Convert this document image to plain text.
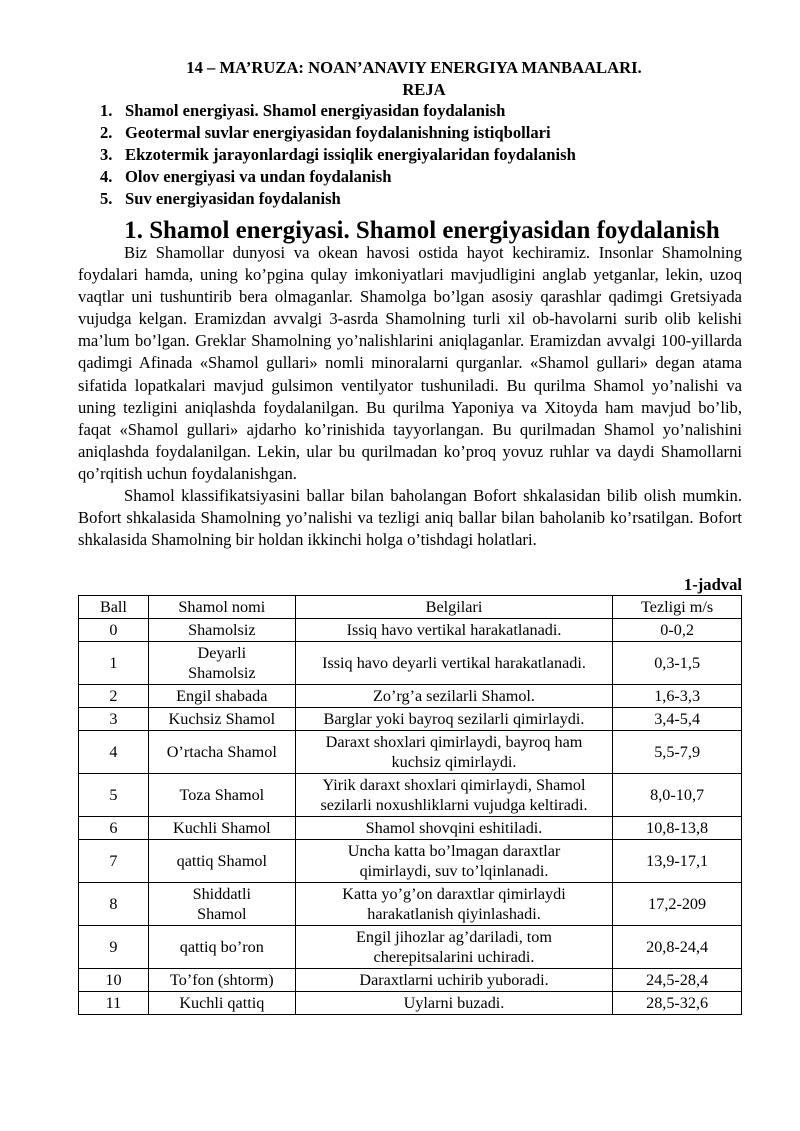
14 – MA’RUZA: NOAN’ANAVIY ENERGIYA MANBAALARI.
REJA
1. Shamol energiyasi. Shamol energiyasidan foydalanish
2. Geotermal suvlar energiyasidan foydalanishning istiqbollari
3. Ekzotermik jarayonlardagi issiqlik energiyalaridan foydalanish
4. Olov energiyasi va undan foydalanish
5. Suv energiyasidan foydalanish
1. Shamol energiyasi. Shamol energiyasidan foydalanish

Biz Shamollar dunyosi va okean havosi ostida hayot kechiramiz. Insonlar Shamolning foydalari hamda, uning ko’pgina qulay imkoniyatlari mavjudligini anglab yetganlar, lekin, uzoq vaqtlar uni tushuntirib bera olmaganlar. Shamolga bo’lgan asosiy qarashlar qadimgi Gretsiyada vujudga kelgan. Eramizdan avvalgi 3-asrda Shamolning turli xil ob-havolarni surib olib kelishi ma’lum bo’lgan. Greklar Shamolning yo’nalishlarini aniqlaganlar. Eramizdan avvalgi 100-yillarda qadimgi Afinada «Shamol gullari» nomli minoralarni qurganlar. «Shamol gullari» degan atama sifatida lopatkalari mavjud gulsimon ventilyator tushuniladi. Bu qurilma Shamol yo’nalishi va uning tezligini aniqlashda foydalanilgan. Bu qurilma Yaponiya va Xitoyda ham mavjud bo’lib, faqat «Shamol gullari» ajdarho ko’rinishida tayyorlangan. Bu qurilmadan Shamol yo’nalishini aniqlashda foydalanilgan. Lekin, ular bu qurilmadan ko’proq yovuz ruhlar va daydi Shamollarni qo’rqitish uchun foydalanishgan.

Shamol klassifikatsiyasini ballar bilan baholangan Bofort shkalasidan bilib olish mumkin. Bofort shkalasida Shamolning yo’nalishi va tezligi aniq ballar bilan baholanib ko’rsatilgan. Bofort shkalasida Shamolning bir holdan ikkinchi holga o’tishdagi holatlari.

1-jadval
Ball	Shamol nomi	Belgilari	Tezligi m/s
0	Shamolsiz	Issiq havo vertikal harakatlanadi.	0-0,2
1	Deyarli Shamolsiz	Issiq havo deyarli vertikal harakatlanadi.	0,3-1,5
2	Engil shabada	Zo’rg’a sezilarli Shamol.	1,6-3,3
3	Kuchsiz Shamol	Barglar yoki bayroq sezilarli qimirlaydi.	3,4-5,4
4	O’rtacha Shamol	Daraxt shoxlari qimirlaydi, bayroq ham kuchsiz qimirlaydi.	5,5-7,9
5	Toza Shamol	Yirik daraxt shoxlari qimirlaydi, Shamol sezilarli noxushliklarni vujudga keltiradi.	8,0-10,7
6	Kuchli Shamol	Shamol shovqini eshitiladi.	10,8-13,8
7	qattiq Shamol	Uncha katta bo’lmagan daraxtlar qimirlaydi, suv to’lqinlanadi.	13,9-17,1
8	Shiddatli Shamol	Katta yo’g’on daraxtlar qimirlaydi harakatlanish qiyinlashadi.	17,2-209
9	qattiq bo’ron	Engil jihozlar ag’dariladi, tom cherepitsalarini uchiradi.	20,8-24,4
10	To’fon (shtorm)	Daraxtlarni uchirib yuboradi.	24,5-28,4
11	Kuchli qattiq	Uylarni buzadi.	28,5-32,6
